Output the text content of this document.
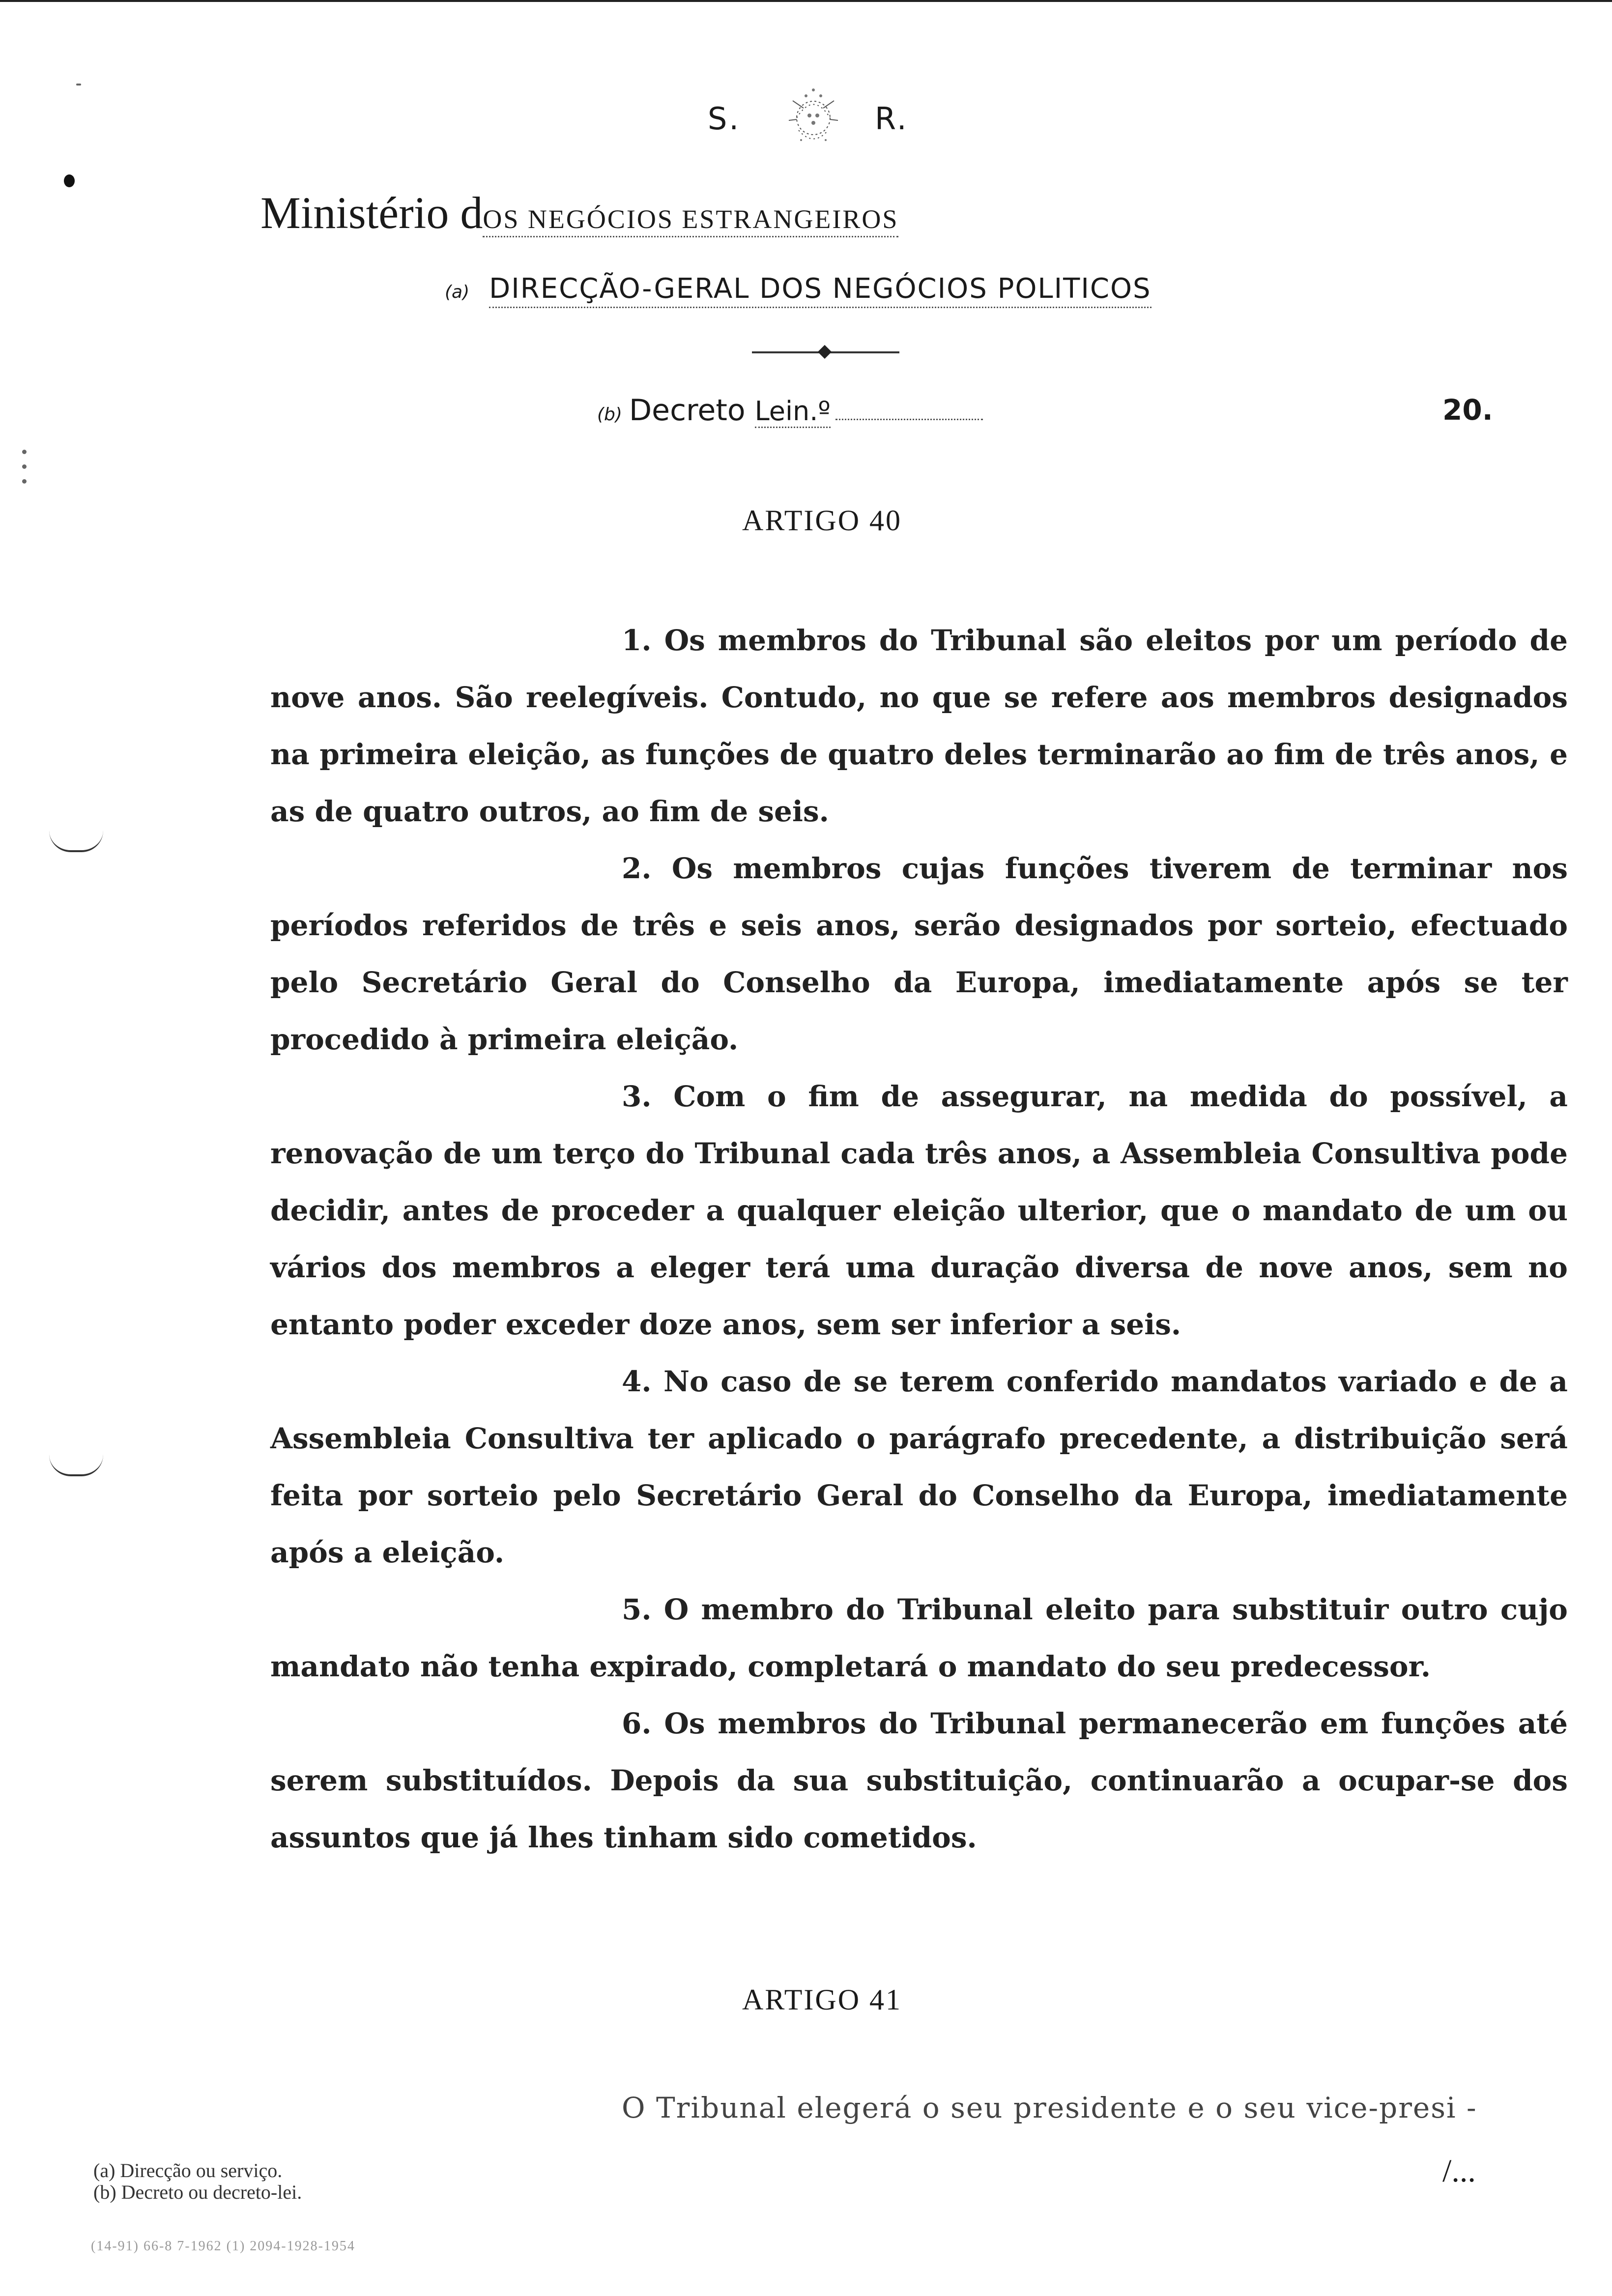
S.	R.
Ministério dOS NEGÓCIOS ESTRANGEIROS
(a) DIRECÇÃO-GERAL DOS NEGÓCIOS POLITICOS
(b) Decreto Lein.º	20.
ARTIGO 40

1. Os membros do Tribunal são eleitos por um período de nove anos. São reelegíveis. Contudo, no que se refere aos membros designados na primeira eleição, as funções de quatro deles terminarão ao fim de três anos, e as de quatro outros, ao fim de seis.

2. Os membros cujas funções tiverem de terminar nos períodos referidos de três e seis anos, serão designados por sorteio, efectuado pelo Secretário Geral do Conselho da Europa, imediatamente após se ter procedido à primeira eleição.

3. Com o fim de assegurar, na medida do possível, a renovação de um terço do Tribunal cada três anos, a Assembleia Consultiva pode decidir, antes de proceder a qualquer eleição ulterior, que o mandato de um ou vários dos membros a eleger terá uma duração diversa de nove anos, sem no entanto poder exceder doze anos, sem ser inferior a seis.

4. No caso de se terem conferido mandatos variado e de a Assembleia Consultiva ter aplicado o parágrafo precedente, a distribuição será feita por sorteio pelo Secretário Geral do Conselho da Europa, imediatamente após a eleição.

5. O membro do Tribunal eleito para substituir outro cujo mandato não tenha expirado, completará o mandato do seu predecessor.

6. Os membros do Tribunal permanecerão em funções até serem substituídos. Depois da sua substituição, continuarão a ocupar-se dos assuntos que já lhes tinham sido cometidos.

ARTIGO 41
O Tribunal elegerá o seu presidente e o seu vice-presi -
/...
(a) Direcção ou serviço.
(b) Decreto ou decreto-lei.
(14-91) 66-8 7-1962 (1) 2094-1928-1954
